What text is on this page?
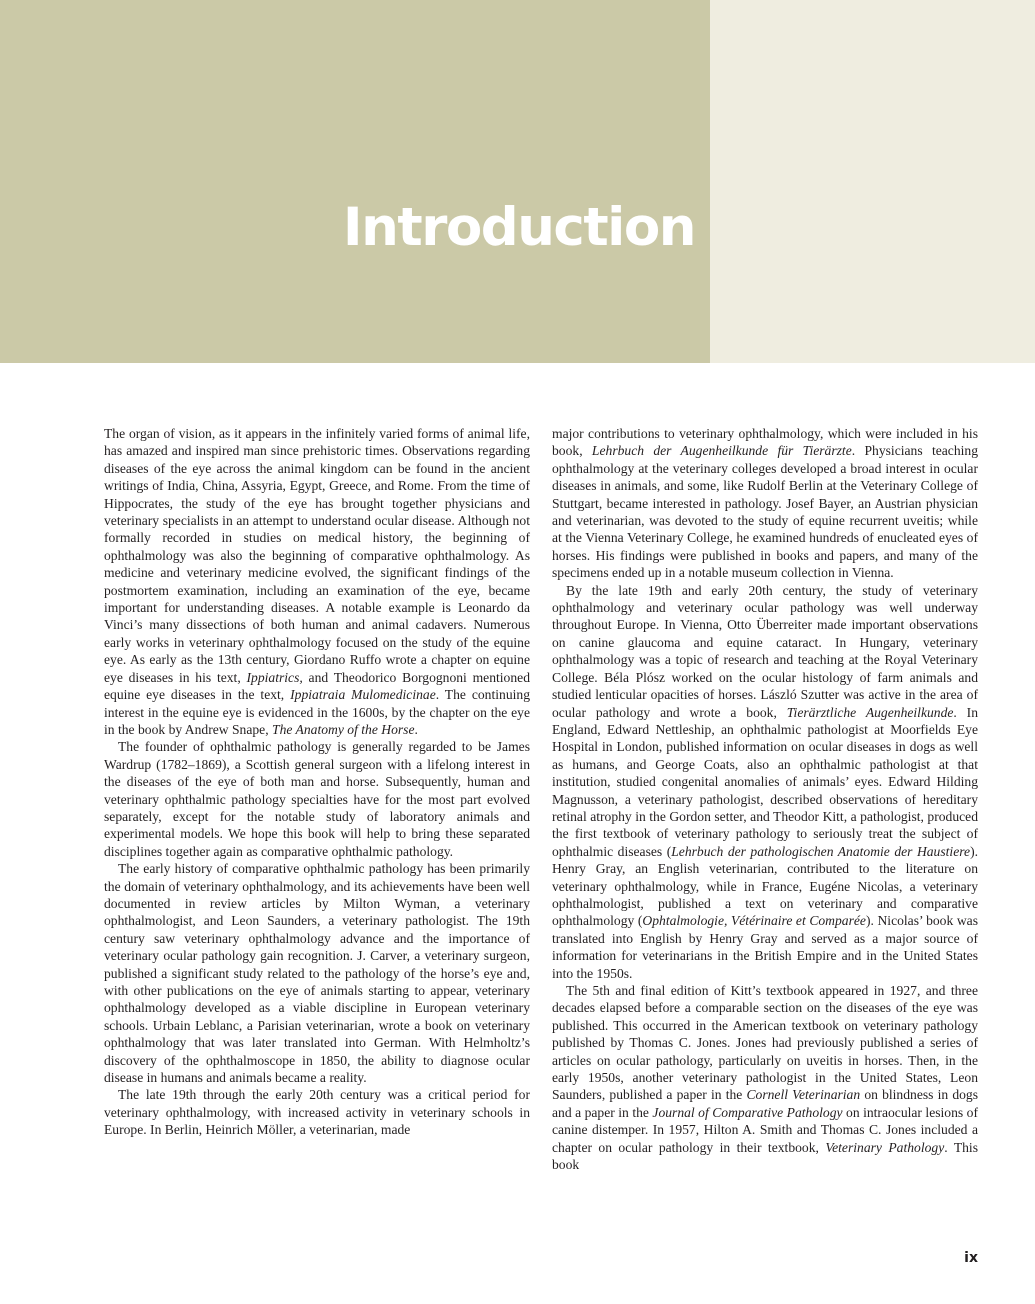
Introduction

The organ of vision, as it appears in the infinitely varied forms of animal life, has amazed and inspired man since prehistoric times. Observations regarding diseases of the eye across the animal kingdom can be found in the ancient writings of India, China, Assyria, Egypt, Greece, and Rome. From the time of Hippocrates, the study of the eye has brought together physicians and veterinary specialists in an attempt to understand ocular disease. Although not formally recorded in studies on medical history, the beginning of ophthalmology was also the beginning of comparative ophthalmology. As medicine and veterinary medicine evolved, the significant findings of the postmortem examination, including an examination of the eye, became important for understanding diseases. A notable example is Leonardo da Vinci’s many dissections of both human and animal cadavers. Numerous early works in veterinary ophthalmology focused on the study of the equine eye. As early as the 13th century, Giordano Ruffo wrote a chapter on equine eye diseases in his text, Ippiatrics, and Theodorico Borgognoni mentioned equine eye diseases in the text, Ippiatraia Mulomedicinae. The continuing interest in the equine eye is evidenced in the 1600s, by the chapter on the eye in the book by Andrew Snape, The Anatomy of the Horse.

The founder of ophthalmic pathology is generally regarded to be James Wardrup (1782–1869), a Scottish general surgeon with a lifelong interest in the diseases of the eye of both man and horse. Subsequently, human and veterinary ophthalmic pathology specialties have for the most part evolved separately, except for the notable study of laboratory animals and experimental models. We hope this book will help to bring these separated disciplines together again as comparative ophthalmic pathology.

The early history of comparative ophthalmic pathology has been primarily the domain of veterinary ophthalmology, and its achievements have been well documented in review articles by Milton Wyman, a veterinary ophthalmologist, and Leon Saunders, a veterinary pathologist. The 19th century saw veterinary ophthalmology advance and the importance of veterinary ocular pathology gain recognition. J. Carver, a veterinary surgeon, published a significant study related to the pathology of the horse’s eye and, with other publications on the eye of animals starting to appear, veterinary ophthalmology developed as a viable discipline in European veterinary schools. Urbain Leblanc, a Parisian veterinarian, wrote a book on veterinary ophthalmology that was later translated into German. With Helmholtz’s discovery of the ophthalmoscope in 1850, the ability to diagnose ocular disease in humans and animals became a reality.

The late 19th through the early 20th century was a critical period for veterinary ophthalmology, with increased activity in veterinary schools in Europe. In Berlin, Heinrich Möller, a veterinarian, made

major contributions to veterinary ophthalmology, which were included in his book, Lehrbuch der Augenheilkunde für Tierärzte. Physicians teaching ophthalmology at the veterinary colleges developed a broad interest in ocular diseases in animals, and some, like Rudolf Berlin at the Veterinary College of Stuttgart, became interested in pathology. Josef Bayer, an Austrian physician and veterinarian, was devoted to the study of equine recurrent uveitis; while at the Vienna Veterinary College, he examined hundreds of enucleated eyes of horses. His findings were published in books and papers, and many of the specimens ended up in a notable museum collection in Vienna.

By the late 19th and early 20th century, the study of veterinary ophthalmology and veterinary ocular pathology was well underway throughout Europe. In Vienna, Otto Überreiter made important observations on canine glaucoma and equine cataract. In Hungary, veterinary ophthalmology was a topic of research and teaching at the Royal Veterinary College. Béla Plósz worked on the ocular histology of farm animals and studied lenticular opacities of horses. László Szutter was active in the area of ocular pathology and wrote a book, Tierärztliche Augenheilkunde. In England, Edward Nettleship, an ophthalmic pathologist at Moorfields Eye Hospital in London, published information on ocular diseases in dogs as well as humans, and George Coats, also an ophthalmic pathologist at that institution, studied congenital anomalies of animals’ eyes. Edward Hilding Magnusson, a veterinary pathologist, described observations of hereditary retinal atrophy in the Gordon setter, and Theodor Kitt, a pathologist, produced the first textbook of veterinary pathology to seriously treat the subject of ophthalmic diseases (Lehrbuch der pathologischen Anatomie der Haustiere). Henry Gray, an English veterinarian, contributed to the literature on veterinary ophthalmology, while in France, Eugéne Nicolas, a veterinary ophthalmologist, published a text on veterinary and comparative ophthalmology (Ophtalmologie, Vétérinaire et Comparée). Nicolas’ book was translated into English by Henry Gray and served as a major source of information for veterinarians in the British Empire and in the United States into the 1950s.

The 5th and final edition of Kitt’s textbook appeared in 1927, and three decades elapsed before a comparable section on the diseases of the eye was published. This occurred in the American textbook on veterinary pathology published by Thomas C. Jones. Jones had previously published a series of articles on ocular pathology, particularly on uveitis in horses. Then, in the early 1950s, another veterinary pathologist in the United States, Leon Saunders, published a paper in the Cornell Veterinarian on blindness in dogs and a paper in the Journal of Comparative Pathology on intraocular lesions of canine distemper. In 1957, Hilton A. Smith and Thomas C. Jones included a chapter on ocular pathology in their textbook, Veterinary Pathology. This book

ix
